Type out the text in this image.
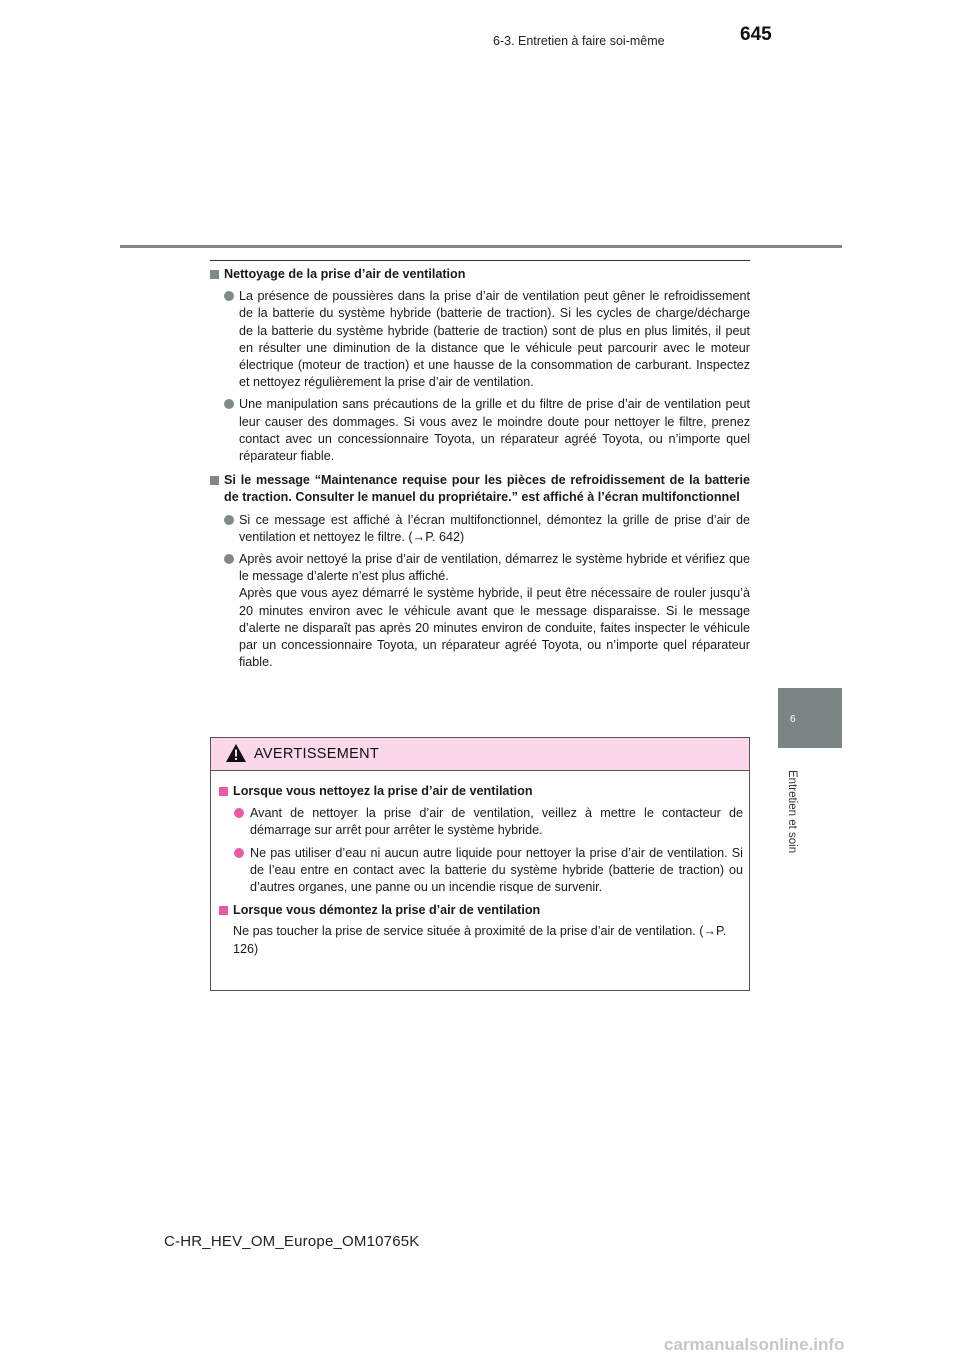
6-3. Entretien à faire soi-même	645
6
Entretien et soin

Nettoyage de la prise d’air de ventilation

La présence de poussières dans la prise d’air de ventilation peut gêner le refroidissement de la batterie du système hybride (batterie de traction). Si les cycles de charge/décharge de la batterie du système hybride (batterie de traction) sont de plus en plus limités, il peut en résulter une diminution de la distance que le véhicule peut parcourir avec le moteur électrique (moteur de traction) et une hausse de la consommation de carburant. Inspectez et nettoyez régulièrement la prise d’air de ventilation.

Une manipulation sans précautions de la grille et du filtre de prise d’air de ventilation peut leur causer des dommages. Si vous avez le moindre doute pour nettoyer le filtre, prenez contact avec un concessionnaire Toyota, un réparateur agréé Toyota, ou n’importe quel réparateur fiable.

Si le message “Maintenance requise pour les pièces de refroidissement de la batterie de traction. Consulter le manuel du propriétaire.” est affiché à l’écran multifonctionnel

Si ce message est affiché à l’écran multifonctionnel, démontez la grille de prise d’air de ventilation et nettoyez le filtre. (→P. 642)

Après avoir nettoyé la prise d’air de ventilation, démarrez le système hybride et vérifiez que le message d’alerte n’est plus affiché.
Après que vous ayez démarré le système hybride, il peut être nécessaire de rouler jusqu’à 20 minutes environ avec le véhicule avant que le message disparaisse. Si le message d’alerte ne disparaît pas après 20 minutes environ de conduite, faites inspecter le véhicule par un concessionnaire Toyota, un réparateur agréé Toyota, ou n’importe quel réparateur fiable.

AVERTISSEMENT

Lorsque vous nettoyez la prise d’air de ventilation

Avant de nettoyer la prise d’air de ventilation, veillez à mettre le contacteur de démarrage sur arrêt pour arrêter le système hybride.

Ne pas utiliser d’eau ni aucun autre liquide pour nettoyer la prise d’air de ventilation. Si de l’eau entre en contact avec la batterie du système hybride (batterie de traction) ou d’autres organes, une panne ou un incendie risque de survenir.

Lorsque vous démontez la prise d’air de ventilation

Ne pas toucher la prise de service située à proximité de la prise d’air de ventilation. (→P. 126)

C-HR_HEV_OM_Europe_OM10765K
carmanualsonline.info
